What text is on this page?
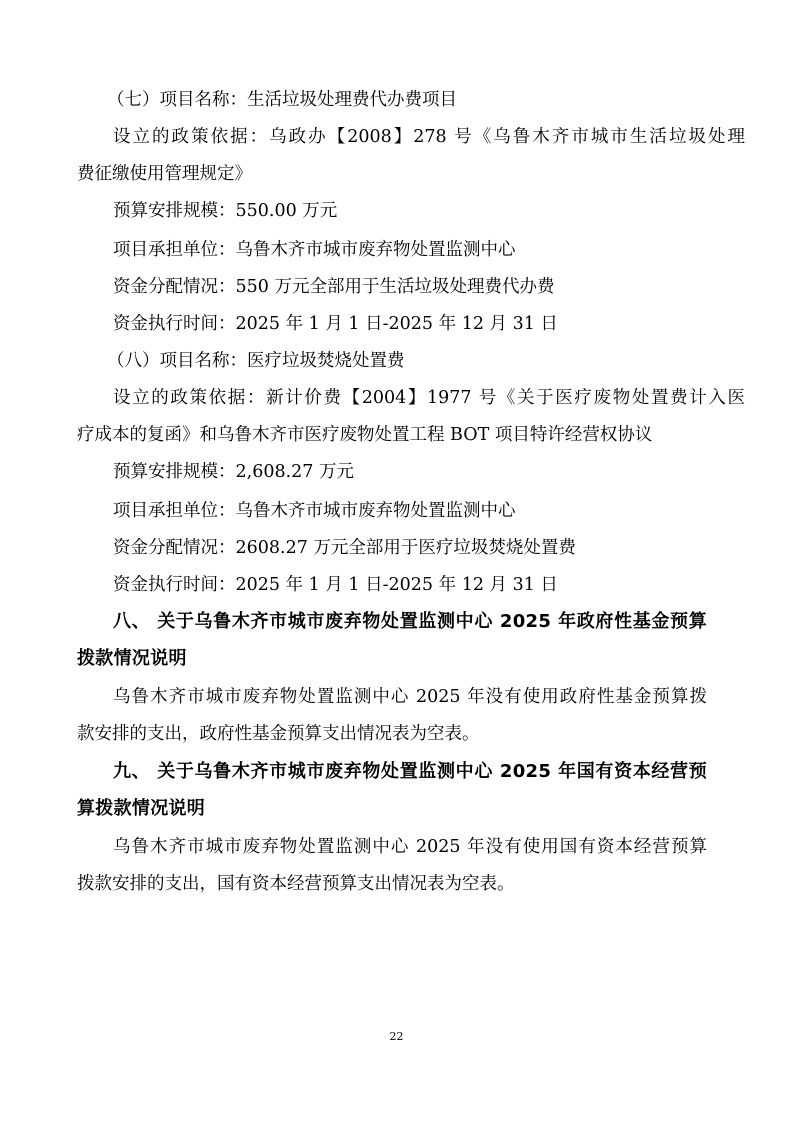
（七）项目名称：生活垃圾处理费代办费项目
设立的政策依据：乌政办【2008】278 号《乌鲁木齐市城市生活垃圾处理
费征缴使用管理规定》
预算安排规模：550.00 万元
项目承担单位：乌鲁木齐市城市废弃物处置监测中心
资金分配情况：550 万元全部用于生活垃圾处理费代办费
资金执行时间：2025 年 1 月 1 日-2025 年 12 月 31 日
（八）项目名称：医疗垃圾焚烧处置费
设立的政策依据：新计价费【2004】1977 号《关于医疗废物处置费计入医
疗成本的复函》和乌鲁木齐市医疗废物处置工程 BOT 项目特许经营权协议
预算安排规模：2,608.27 万元
项目承担单位：乌鲁木齐市城市废弃物处置监测中心
资金分配情况：2608.27 万元全部用于医疗垃圾焚烧处置费
资金执行时间：2025 年 1 月 1 日-2025 年 12 月 31 日
八、 关于乌鲁木齐市城市废弃物处置监测中心 2025 年政府性基金预算
拨款情况说明
乌鲁木齐市城市废弃物处置监测中心 2025 年没有使用政府性基金预算拨
款安排的支出，政府性基金预算支出情况表为空表。
九、 关于乌鲁木齐市城市废弃物处置监测中心 2025 年国有资本经营预
算拨款情况说明
乌鲁木齐市城市废弃物处置监测中心 2025 年没有使用国有资本经营预算
拨款安排的支出，国有资本经营预算支出情况表为空表。
22
